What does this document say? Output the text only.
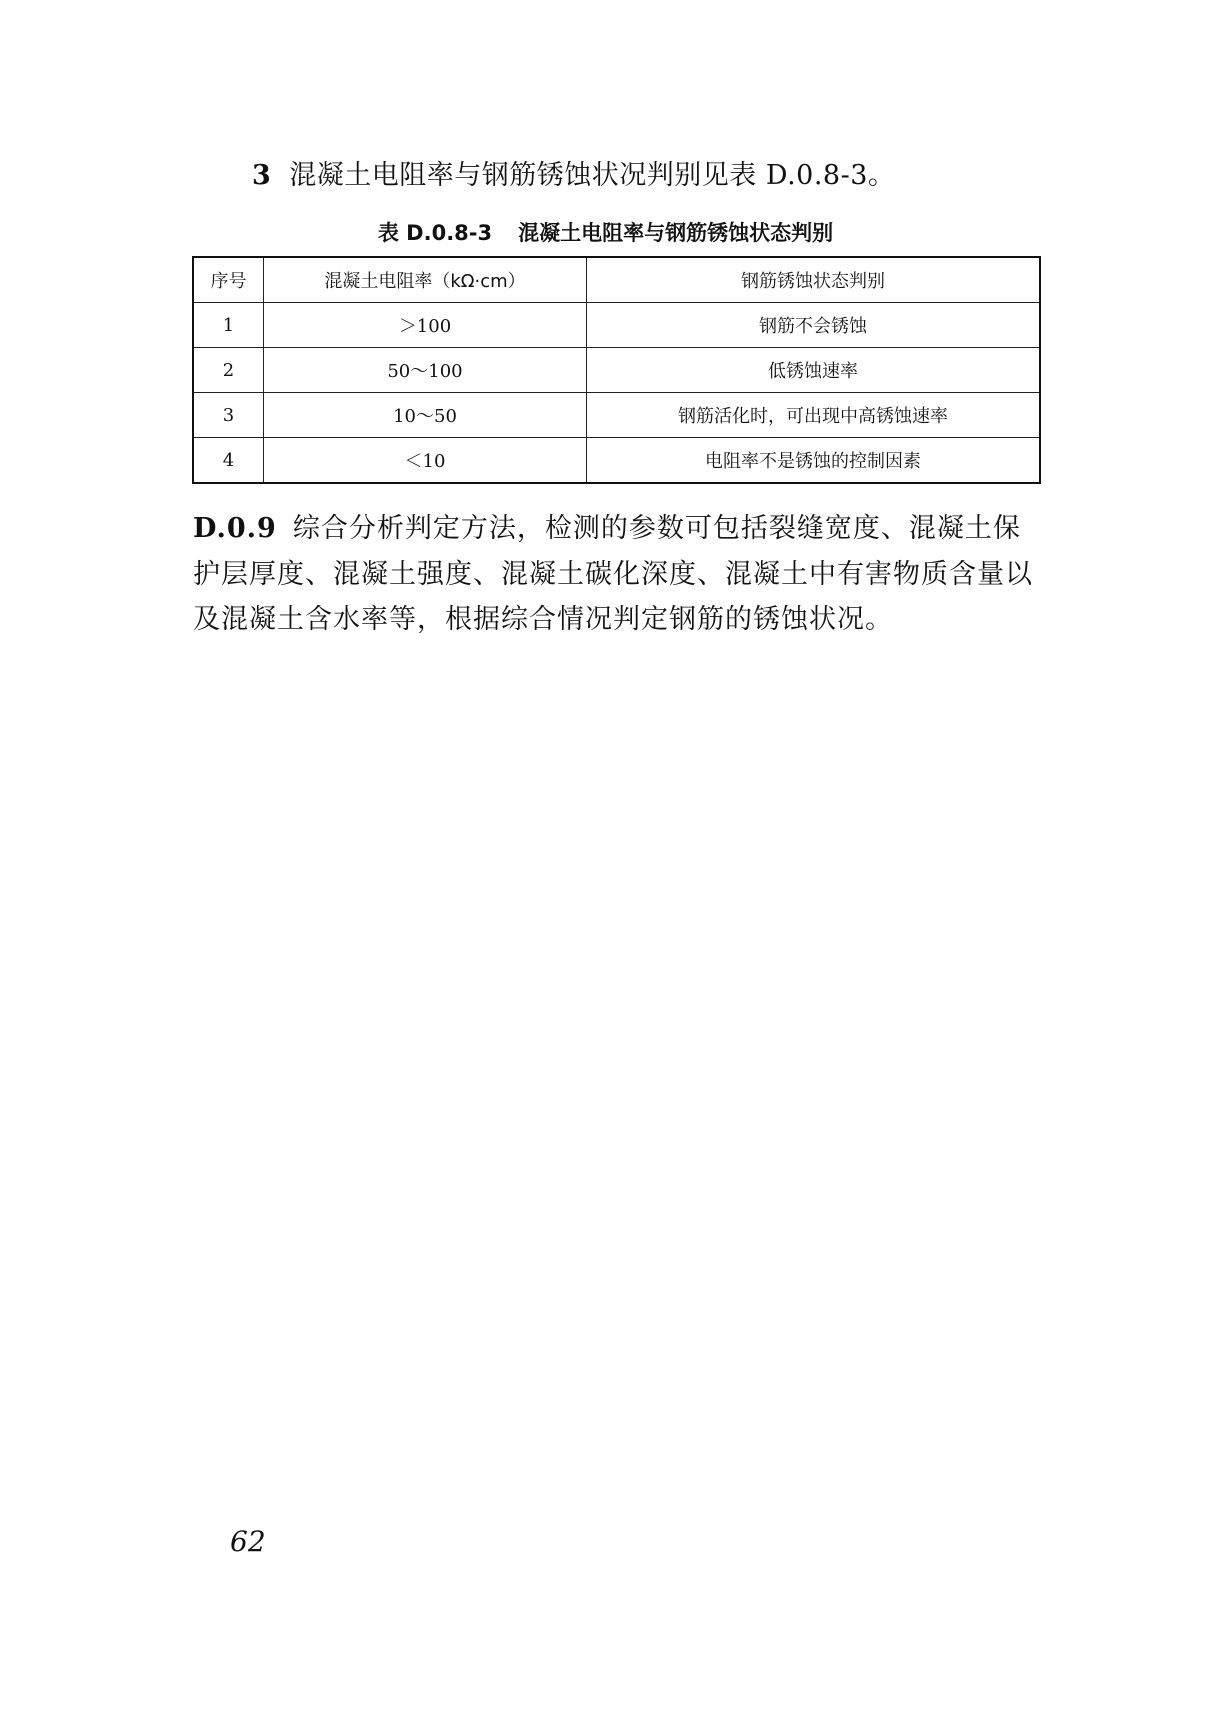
3 混凝土电阻率与钢筋锈蚀状况判别见表 D.0.8-3。
表 D.0.8-3 混凝土电阻率与钢筋锈蚀状态判别
序号	混凝土电阻率（kΩ·cm）	钢筋锈蚀状态判别
1	＞100	钢筋不会锈蚀
2	50～100	低锈蚀速率
3	10～50	钢筋活化时，可出现中高锈蚀速率
4	＜10	电阻率不是锈蚀的控制因素
D.0.9 综合分析判定方法，检测的参数可包括裂缝宽度、混凝土保护层厚度、混凝土强度、混凝土碳化深度、混凝土中有害物质含量以及混凝土含水率等，根据综合情况判定钢筋的锈蚀状况。
62
